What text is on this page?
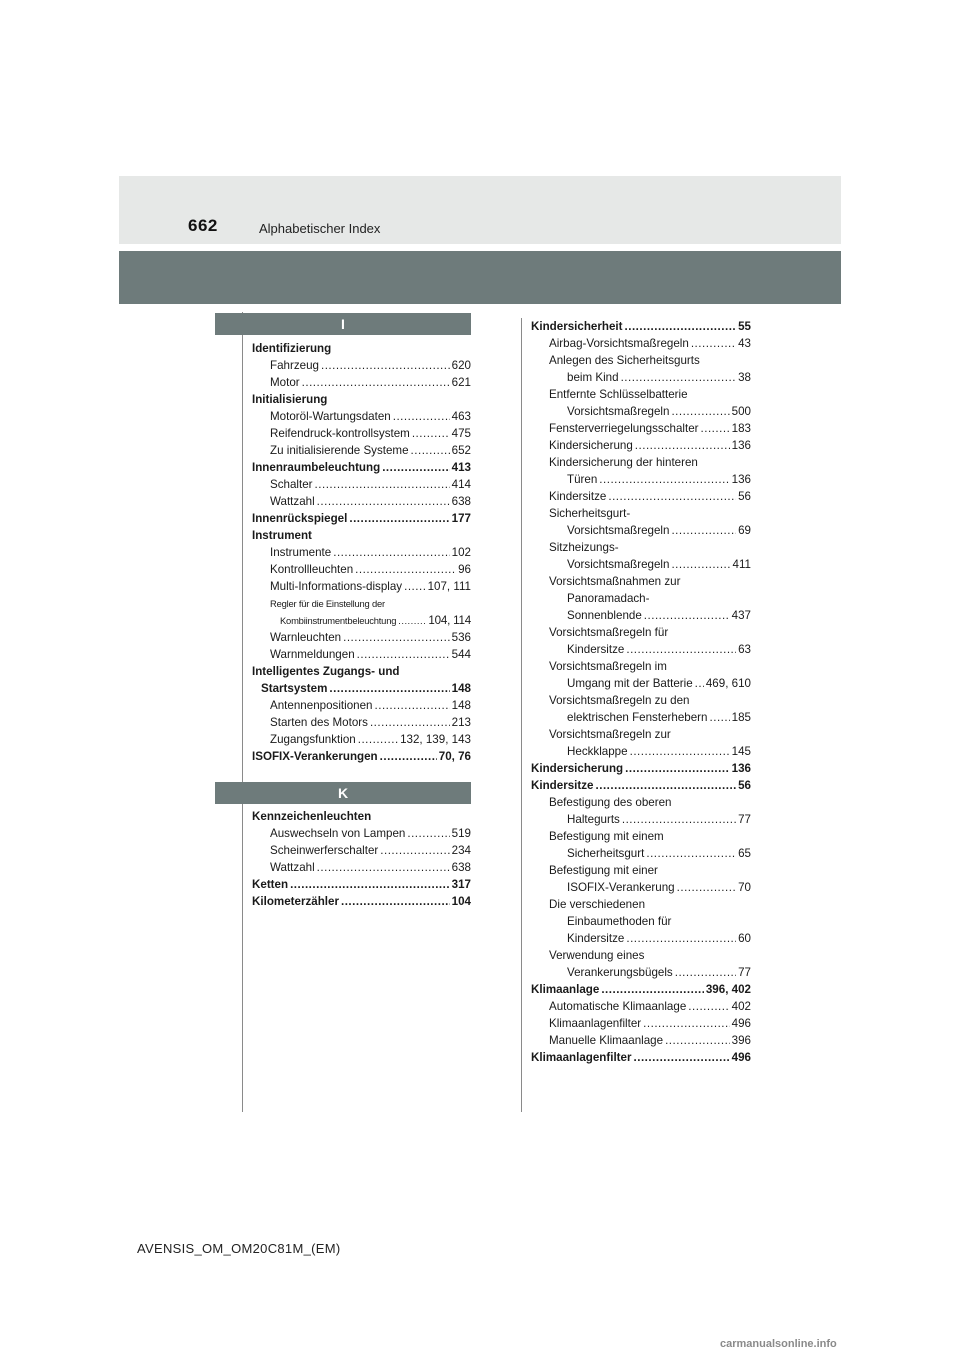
662	Alphabetischer Index
I
Identifizierung
Fahrzeug .....	620
Motor .....	621
Initialisierung
Motoröl-Wartungsdaten .....	463
Reifendruck-kontrollsystem .....	475
Zu initialisierende Systeme .....	652
Innenraumbeleuchtung .....	413
Schalter .....	414
Wattzahl .....	638
Innenrückspiegel .....	177
Instrument
Instrumente .....	102
Kontrollleuchten .....	96
Multi-Informations-display ..... 107, 111
Regler für die Einstellung der
Kombiinstrumentbeleuchtung .....	104, 114
Warnleuchten .....	536
Warnmeldungen .....	544
Intelligentes Zugangs- und
Startsystem .....	148
Antennenpositionen .....	148
Starten des Motors .....	213
Zugangsfunktion .....	132, 139, 143
ISOFIX-Verankerungen .....	70, 76
K
Kennzeichenleuchten
Auswechseln von Lampen .....	519
Scheinwerferschalter .....	234
Wattzahl .....	638
Ketten .....	317
Kilometerzähler .....	104
Kindersicherheit .....	55
Airbag-Vorsichtsmaßregeln .....	43
Anlegen des Sicherheitsgurts
beim Kind .....	38
Entfernte Schlüsselbatterie
Vorsichtsmaßregeln .....	500
Fensterverriegelungsschalter .....	183
Kindersicherung .....	136
Kindersicherung der hinteren
Türen .....	136
Kindersitze .....	56
Sicherheitsgurt-
Vorsichtsmaßregeln .....	69
Sitzheizungs-
Vorsichtsmaßregeln .....	411
Vorsichtsmaßnahmen zur
Panoramadach-
Sonnenblende .....	437
Vorsichtsmaßregeln für
Kindersitze .....	63
Vorsichtsmaßregeln im
Umgang mit der Batterie ..... 469, 610
Vorsichtsmaßregeln zu den
elektrischen Fensterhebern ..... 185
Vorsichtsmaßregeln zur
Heckklappe .....	145
Kindersicherung .....	136
Kindersitze .....	56
Befestigung des oberen
Haltegurts .....	77
Befestigung mit einem
Sicherheitsgurt .....	65
Befestigung mit einer
ISOFIX-Verankerung .....	70
Die verschiedenen
Einbaumethoden für
Kindersitze .....	60
Verwendung eines
Verankerungsbügels .....	77
Klimaanlage .....	396, 402
Automatische Klimaanlage .....	402
Klimaanlagenfilter .....	496
Manuelle Klimaanlage .....	396
Klimaanlagenfilter .....	496
AVENSIS_OM_OM20C81M_(EM)
carmanualsonline.info
